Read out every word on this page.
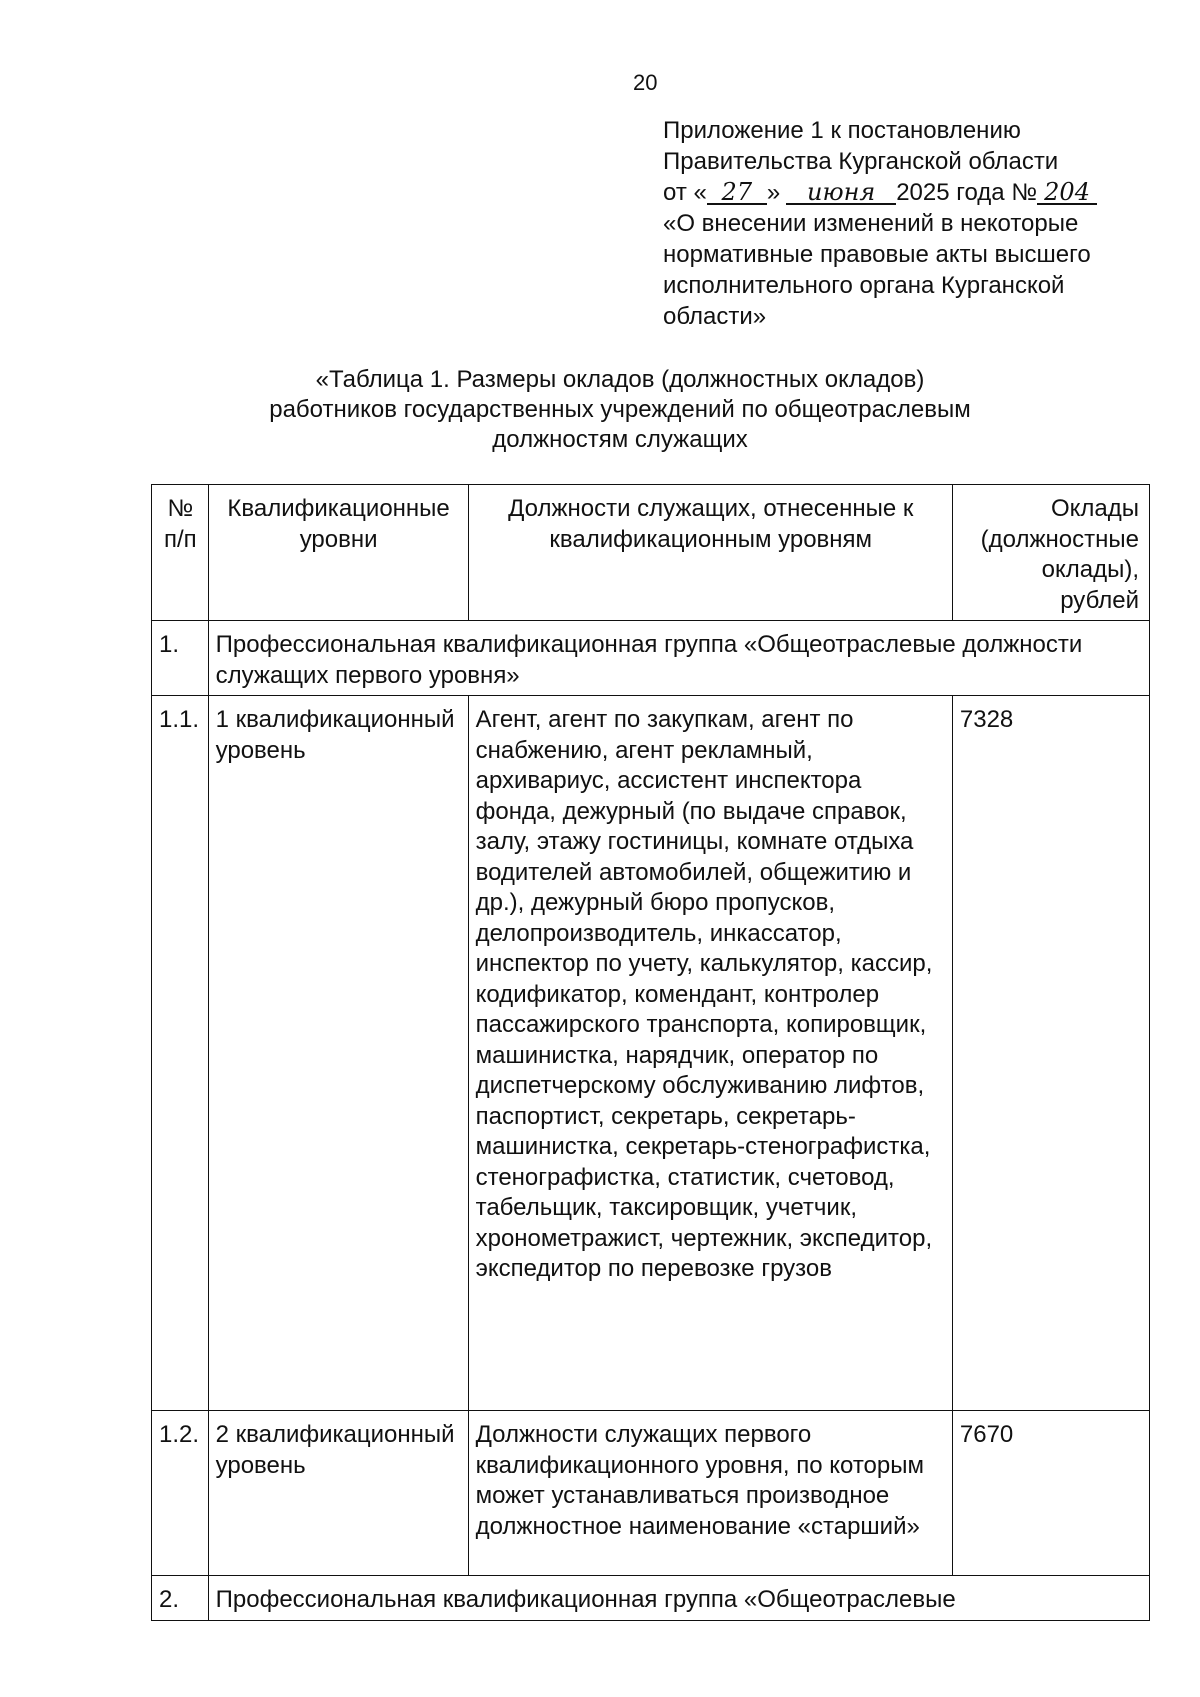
20
Приложение 1 к постановлению
Правительства Курганской области
от « 27 » июня 2025 года № 204
«О внесении изменений в некоторые
нормативные правовые акты высшего
исполнительного органа Курганской
области»
«Таблица 1. Размеры окладов (должностных окладов)
работников государственных учреждений по общеотраслевым
должностям служащих
№ п/п	Квалификационные уровни	Должности служащих, отнесенные к квалификационным уровням	Оклады (должностные оклады), рублей
1.	Профессиональная квалификационная группа «Общеотраслевые должности служащих первого уровня»		
1.1.	1 квалификационный уровень	Агент, агент по закупкам, агент по снабжению, агент рекламный, архивариус, ассистент инспектора фонда, дежурный (по выдаче справок, залу, этажу гостиницы, комнате отдыха водителей автомобилей, общежитию и др.), дежурный бюро пропусков, делопроизводитель, инкассатор, инспектор по учету, калькулятор, кассир, кодификатор, комендант, контролер пассажирского транспорта, копировщик, машинистка, нарядчик, оператор по диспетчерскому обслуживанию лифтов, паспортист, секретарь, секретарь-машинистка, секретарь-стенографистка, стенографистка, статистик, счетовод, табельщик, таксировщик, учетчик, хронометражист, чертежник, экспедитор, экспедитор по перевозке грузов	7328
1.2.	2 квалификационный уровень	Должности служащих первого квалификационного уровня, по которым может устанавливаться производное должностное наименование «старший»	7670
2.	Профессиональная квалификационная группа «Общеотраслевые		
